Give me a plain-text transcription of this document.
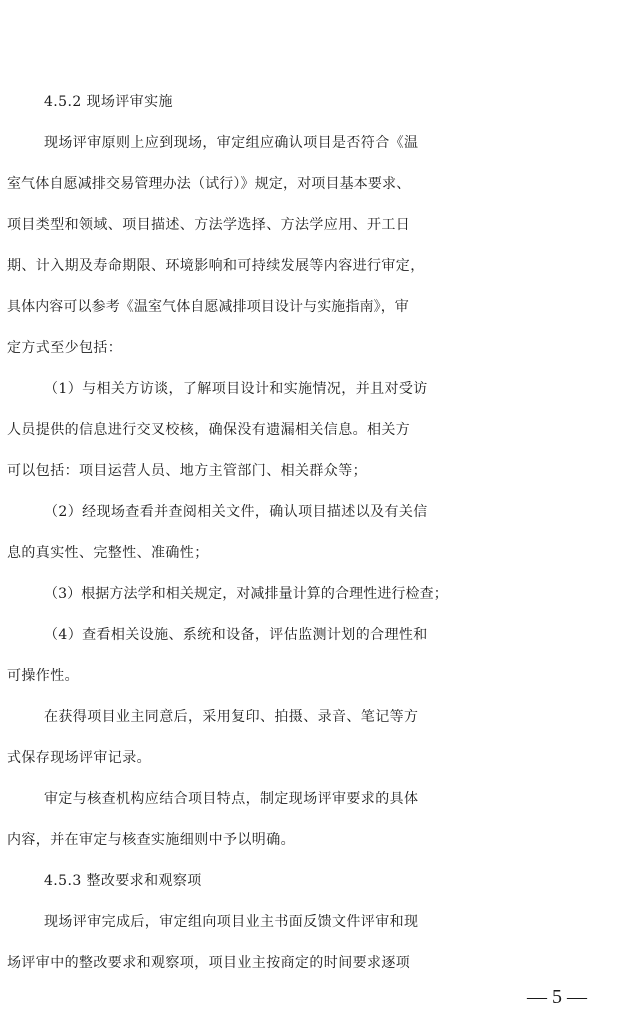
4.5.2 现场评审实施
现场评审原则上应到现场，审定组应确认项目是否符合《温
室气体自愿减排交易管理办法（试行）》规定，对项目基本要求、
项目类型和领域、项目描述、方法学选择、方法学应用、开工日
期、计入期及寿命期限、环境影响和可持续发展等内容进行审定，
具体内容可以参考《温室气体自愿减排项目设计与实施指南》，审
定方式至少包括：
（1）与相关方访谈，了解项目设计和实施情况，并且对受访
人员提供的信息进行交叉校核，确保没有遗漏相关信息。相关方
可以包括：项目运营人员、地方主管部门、相关群众等；
（2）经现场查看并查阅相关文件，确认项目描述以及有关信
息的真实性、完整性、准确性；
（3）根据方法学和相关规定，对减排量计算的合理性进行检查；
（4）查看相关设施、系统和设备，评估监测计划的合理性和
可操作性。
在获得项目业主同意后，采用复印、拍摄、录音、笔记等方
式保存现场评审记录。
审定与核查机构应结合项目特点，制定现场评审要求的具体
内容，并在审定与核查实施细则中予以明确。
4.5.3 整改要求和观察项
现场评审完成后，审定组向项目业主书面反馈文件评审和现
场评审中的整改要求和观察项，项目业主按商定的时间要求逐项
— 5 —
